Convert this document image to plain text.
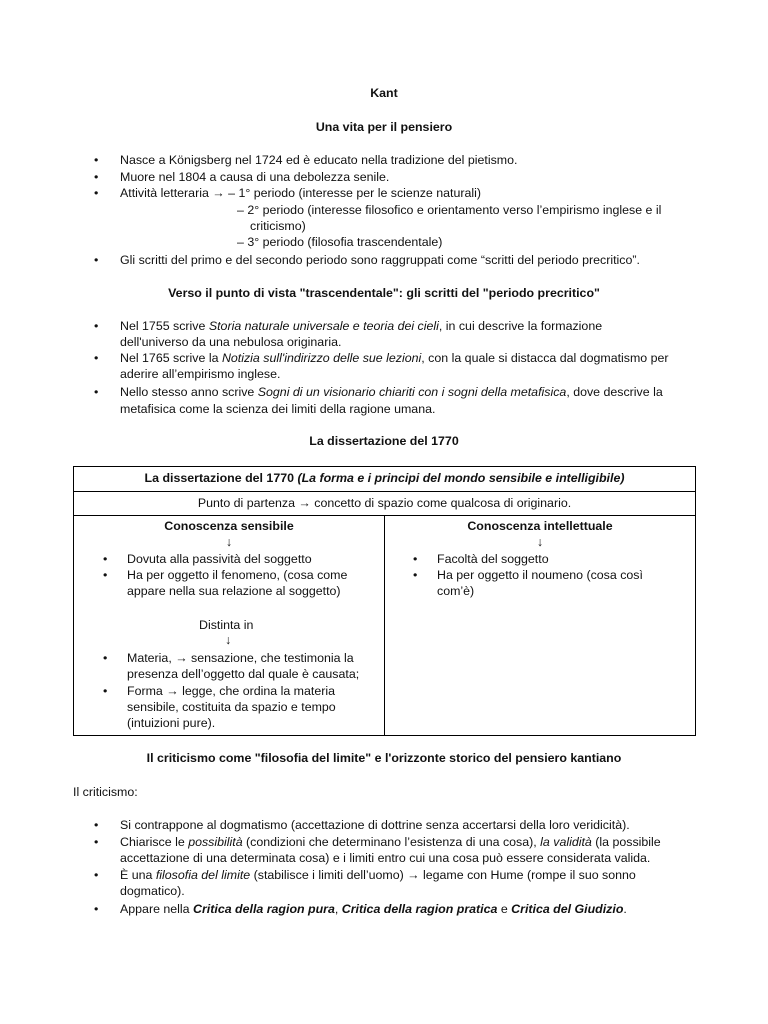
Kant
Una vita per il pensiero
• Nasce a Königsberg nel 1724 ed è educato nella tradizione del pietismo.
• Muore nel 1804 a causa di una debolezza senile.
• Attività letteraria → – 1° periodo (interesse per le scienze naturali)
– 2° periodo (interesse filosofico e orientamento verso l’empirismo inglese e il
criticismo)
– 3° periodo (filosofia trascendentale)
• Gli scritti del primo e del secondo periodo sono raggruppati come “scritti del periodo precritico”.
Verso il punto di vista "trascendentale": gli scritti del "periodo precritico"
• Nel 1755 scrive Storia naturale universale e teoria dei cieli, in cui descrive la formazione
dell'universo da una nebulosa originaria.
• Nel 1765 scrive la Notizia sull'indirizzo delle sue lezioni, con la quale si distacca dal dogmatismo per
aderire all’empirismo inglese.
• Nello stesso anno scrive Sogni di un visionario chiariti con i sogni della metafisica, dove descrive la
metafisica come la scienza dei limiti della ragione umana.
La dissertazione del 1770
La dissertazione del 1770 (La forma e i principi del mondo sensibile e intelligibile)
Punto di partenza → concetto di spazio come qualcosa di originario.

Conoscenza sensibile
↓
• Dovuta alla passività del soggetto
• Ha per oggetto il fenomeno, (cosa come
appare nella sua relazione al soggetto)
Distinta in
↓
• Materia, → sensazione, che testimonia la
presenza dell’oggetto dal quale è causata;
• Forma → legge, che ordina la materia
sensibile, costituita da spazio e tempo
(intuizioni pure).

Conoscenza intellettuale
↓
• Facoltà del soggetto
• Ha per oggetto il noumeno (cosa così
com’è)
Il criticismo come "filosofia del limite" e l'orizzonte storico del pensiero kantiano
Il criticismo:
• Si contrappone al dogmatismo (accettazione di dottrine senza accertarsi della loro veridicità).
• Chiarisce le possibilità (condizioni che determinano l’esistenza di una cosa), la validità (la possibile
accettazione di una determinata cosa) e i limiti entro cui una cosa può essere considerata valida.
• È una filosofia del limite (stabilisce i limiti dell’uomo) → legame con Hume (rompe il suo sonno
dogmatico).
• Appare nella Critica della ragion pura, Critica della ragion pratica e Critica del Giudizio.
